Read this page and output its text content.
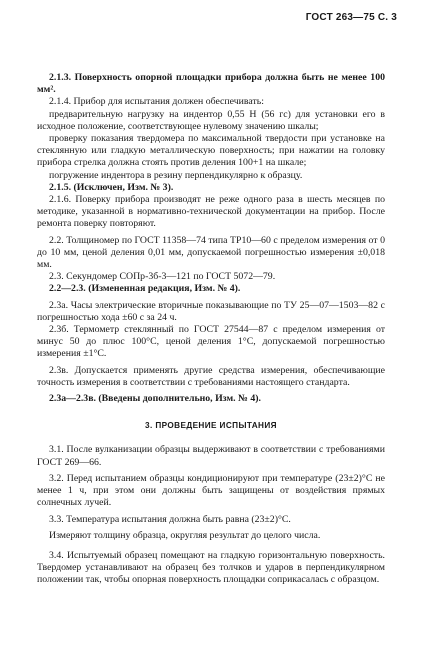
ГОСТ 263—75 С. 3

2.1.3. Поверхность опорной площадки прибора должна быть не менее 100 мм².

2.1.4. Прибор для испытания должен обеспечивать:

предварительную нагрузку на индентор 0,55 Н (56 гс) для установки его в исходное положение, соответствующее нулевому значению шкалы;

проверку показания твердомера по максимальной твердости при установке на стеклянную или гладкую металлическую поверхность; при нажатии на головку прибора стрелка должна стоять против деления 100+1 на шкале;

погружение индентора в резину перпендикулярно к образцу.

2.1.5. (Исключен, Изм. № 3).

2.1.6. Поверку прибора производят не реже одного раза в шесть месяцев по методике, указанной в нормативно-технической документации на прибор. После ремонта поверку повторяют.

2.2. Толщиномер по ГОСТ 11358—74 типа ТР10—60 с пределом измерения от 0 до 10 мм, ценой деления 0,01 мм, допускаемой погрешностью измерения ±0,018 мм.

2.3. Секундомер СОПр-3б-3—121 по ГОСТ 5072—79.

2.2—2.3. (Измененная редакция, Изм. № 4).

2.3а. Часы электрические вторичные показывающие по ТУ 25—07—1503—82 с погрешностью хода ±60 с за 24 ч.

2.3б. Термометр стеклянный по ГОСТ 27544—87 с пределом измерения от минус 50 до плюс 100°С, ценой деления 1°С, допускаемой погрешностью измерения ±1°С.

2.3в. Допускается применять другие средства измерения, обеспечивающие точность измерения в соответствии с требованиями настоящего стандарта.

2.3а—2.3в. (Введены дополнительно, Изм. № 4).

3. ПРОВЕДЕНИЕ ИСПЫТАНИЯ

3.1. После вулканизации образцы выдерживают в соответствии с требованиями ГОСТ 269—66.

3.2. Перед испытанием образцы кондиционируют при температуре (23±2)°С не менее 1 ч, при этом они должны быть защищены от воздействия прямых солнечных лучей.

3.3. Температура испытания должна быть равна (23±2)°С.

Измеряют толщину образца, округляя результат до целого числа.

3.4. Испытуемый образец помещают на гладкую горизонтальную поверхность. Твердомер устанавливают на образец без толчков и ударов в перпендикулярном положении так, чтобы опорная поверхность площадки соприкасалась с образцом.
